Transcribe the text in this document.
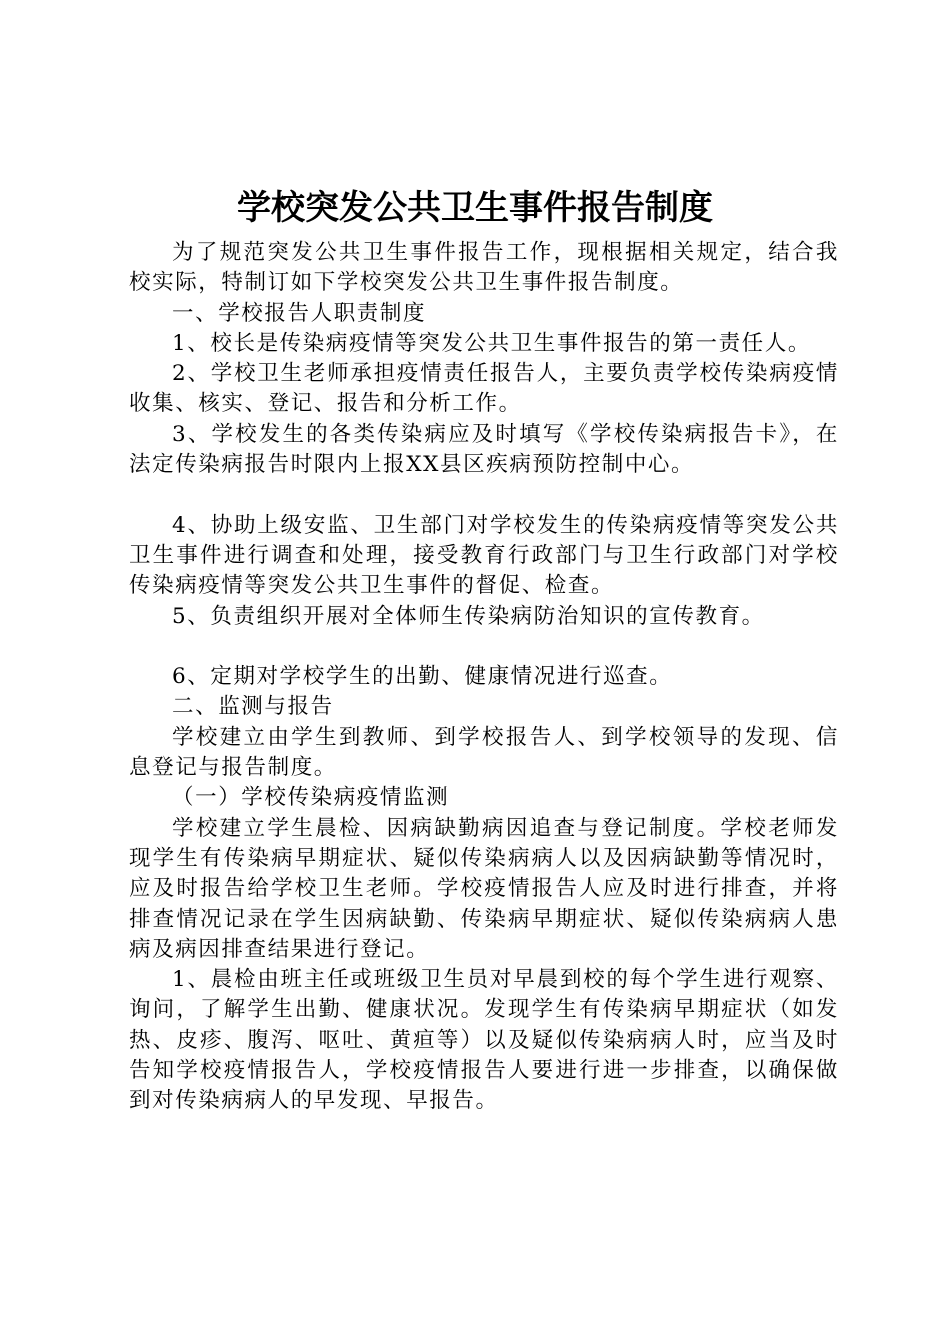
学校突发公共卫生事件报告制度

为了规范突发公共卫生事件报告工作，现根据相关规定，结合我校实际，特制订如下学校突发公共卫生事件报告制度。

一、学校报告人职责制度

1、校长是传染病疫情等突发公共卫生事件报告的第一责任人。

2、学校卫生老师承担疫情责任报告人，主要负责学校传染病疫情收集、核实、登记、报告和分析工作。

3、学校发生的各类传染病应及时填写《学校传染病报告卡》，在法定传染病报告时限内上报XX县区疾病预防控制中心。

4、协助上级安监、卫生部门对学校发生的传染病疫情等突发公共卫生事件进行调查和处理，接受教育行政部门与卫生行政部门对学校传染病疫情等突发公共卫生事件的督促、检查。

5、负责组织开展对全体师生传染病防治知识的宣传教育。

6、定期对学校学生的出勤、健康情况进行巡查。

二、监测与报告

学校建立由学生到教师、到学校报告人、到学校领导的发现、信息登记与报告制度。

（一）学校传染病疫情监测

学校建立学生晨检、因病缺勤病因追查与登记制度。学校老师发现学生有传染病早期症状、疑似传染病病人以及因病缺勤等情况时，应及时报告给学校卫生老师。学校疫情报告人应及时进行排查，并将排查情况记录在学生因病缺勤、传染病早期症状、疑似传染病病人患病及病因排查结果进行登记。

1、晨检由班主任或班级卫生员对早晨到校的每个学生进行观察、询问，了解学生出勤、健康状况。发现学生有传染病早期症状（如发热、皮疹、腹泻、呕吐、黄疸等）以及疑似传染病病人时，应当及时告知学校疫情报告人，学校疫情报告人要进行进一步排查，以确保做到对传染病病人的早发现、早报告。
